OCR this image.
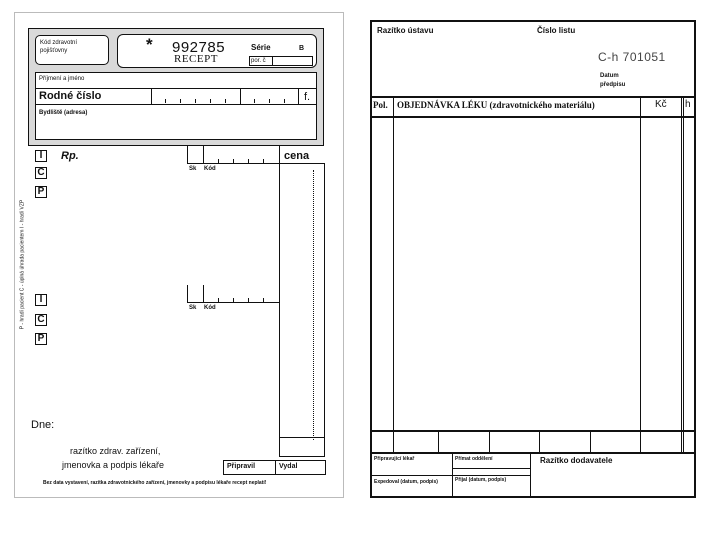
Kód zdravotní
pojišťovny	* 992785
RECEPT
Série	B
por. č
Příjmení a jméno
Rodné číslo	f.
Bydliště (adresa)
P - hradí pacient C - úplná úhrada pacientem I - hradí VZP
I
C
P
Rp.
Sk Kód
cena
I
C
P
Sk Kód
Dne:
razítko zdrav. zařízení,
jmenovka a podpis lékaře	Připravil	Vydal
Bez data vystavení, razítka zdravotnického zařízení, jmenovky a podpisu lékaře recept neplatí!
Razítko ústavu	Číslo listu
C-h 701051
Datum
předpisu
Pol. OBJEDNÁVKA LÉKU (zdravotnického materiálu)	Kč h
Připravující lékař	Přímat oddělení	Razítko dodavatele
Expedoval (datum, podpis)	Přijal (datum, podpis)
